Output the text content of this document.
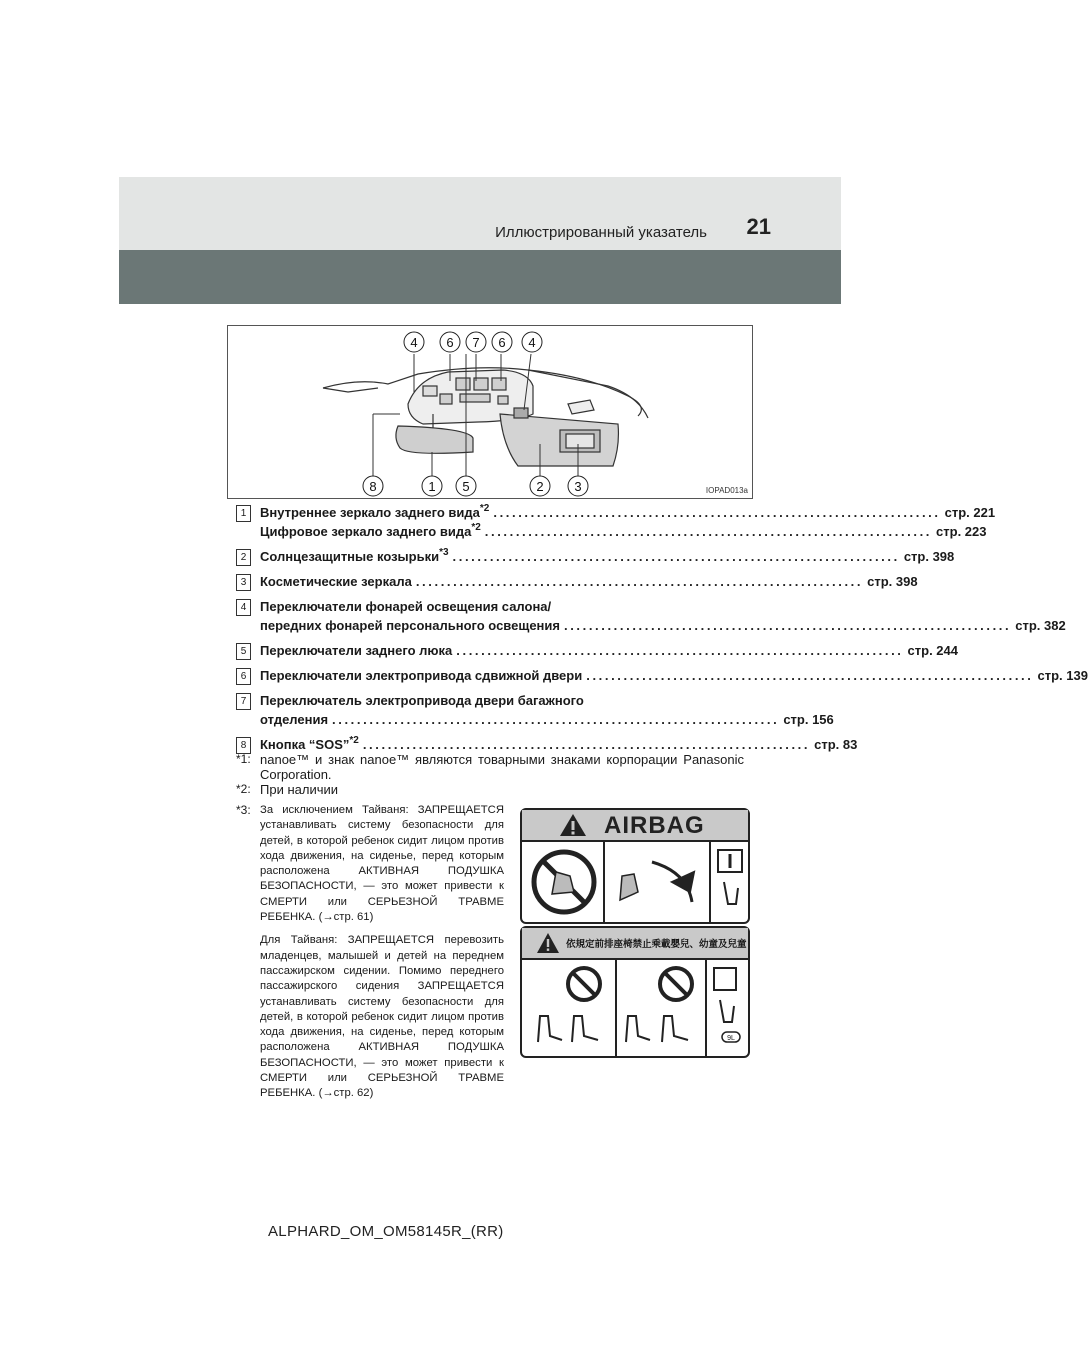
Иллюстрированный указатель 21
4 6 7 6 4
8	1 5	2 3	IOPAD013a
1	Внутреннее зеркало заднего вида$^{*2}$ ........................................................................ стр. 221
Цифровое зеркало заднего вида$^{*2}$ ........................................................................ стр. 223
2	Солнцезащитные козырьки$^{*3}$ ........................................................................ стр. 398
3	Косметические зеркала ........................................................................ стр. 398
4	Переключатели фонарей освещения салона/
передних фонарей персонального освещения ........................................................................ стр. 382
5	Переключатели заднего люка ........................................................................ стр. 244
6	Переключатели электропривода сдвижной двери ........................................................................ стр. 139
7	Переключатель электропривода двери багажного
отделения ........................................................................ стр. 156
8	Кнопка “SOS”$^{*2}$ ........................................................................ стр. 83
*1: nanoe™ и знак nanoe™ являются товарными знаками корпорации Panasonic Corporation.
*2: При наличии
*3: За исключением Тайваня: ЗАПРЕЩАЕТСЯ устанавливать систему безопасности для детей, в которой ребенок сидит лицом против хода движения, на сиденье, перед которым расположена АКТИВНАЯ ПОДУШКА БЕЗОПАСНОСТИ, — это может привести к СМЕРТИ или СЕРЬЕЗНОЙ ТРАВМЕ РЕБЕНКА. (→стр. 61)

Для Тайваня: ЗАПРЕЩАЕТСЯ перевозить младенцев, малышей и детей на переднем пассажирском сидении. Помимо переднего пассажирского сидения ЗАПРЕЩАЕТСЯ устанавливать систему безопасности для детей, в которой ребенок сидит лицом против хода движения, на сиденье, перед которым расположена АКТИВНАЯ ПОДУШКА БЕЗОПАСНОСТИ, — это может привести к СМЕРТИ или СЕРЬЕЗНОЙ ТРАВМЕ РЕБЕНКА. (→стр. 62)

AIRBAG
依規定前排座椅禁止乘載嬰兒、幼童及兒童
9L
ALPHARD_OM_OM58145R_(RR)
